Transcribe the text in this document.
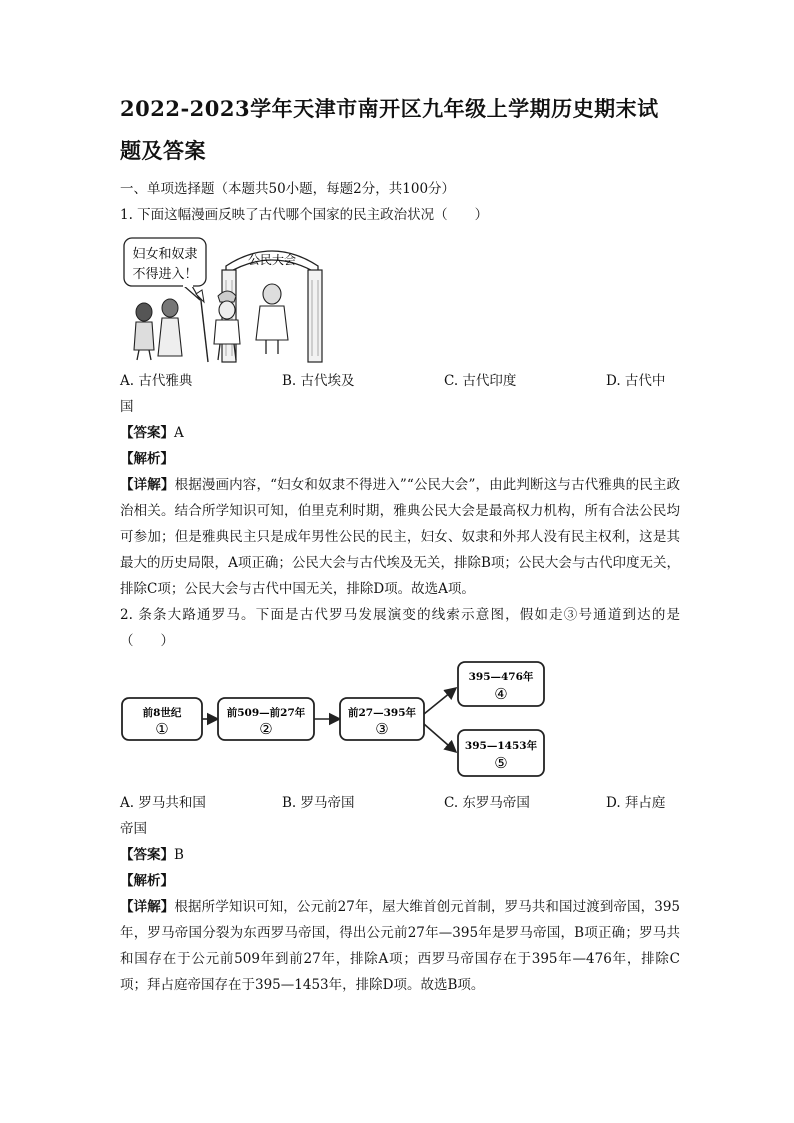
2022-2023学年天津市南开区九年级上学期历史期末试题及答案
一、单项选择题（本题共50小题，每题2分，共100分）

1. 下面这幅漫画反映了古代哪个国家的民主政治状况（　　）

妇女和奴隶
不得进入！
公民大会
A. 古代雅典	B. 古代埃及	C. 古代印度	D. 古代中

国

【答案】A

【解析】

【详解】根据漫画内容，“妇女和奴隶不得进入”“公民大会”，由此判断这与古代雅典的民主政治相关。结合所学知识可知，伯里克利时期，雅典公民大会是最高权力机构，所有合法公民均可参加；但是雅典民主只是成年男性公民的民主，妇女、奴隶和外邦人没有民主权利，这是其最大的历史局限，A项正确；公民大会与古代埃及无关，排除B项；公民大会与古代印度无关，排除C项；公民大会与古代中国无关，排除D项。故选A项。

2. 条条大路通罗马。下面是古代罗马发展演变的线索示意图，假如走③号通道到达的是（　　）

前8世纪
①
前509—前27年
②
前27—395年
③
395—476年
④
395—1453年
⑤
A. 罗马共和国	B. 罗马帝国	C. 东罗马帝国	D. 拜占庭

帝国

【答案】B

【解析】

【详解】根据所学知识可知，公元前27年，屋大维首创元首制，罗马共和国过渡到帝国，395年，罗马帝国分裂为东西罗马帝国，得出公元前27年—395年是罗马帝国，B项正确；罗马共和国存在于公元前509年到前27年，排除A项；西罗马帝国存在于395年—476年，排除C项；拜占庭帝国存在于395—1453年，排除D项。故选B项。
